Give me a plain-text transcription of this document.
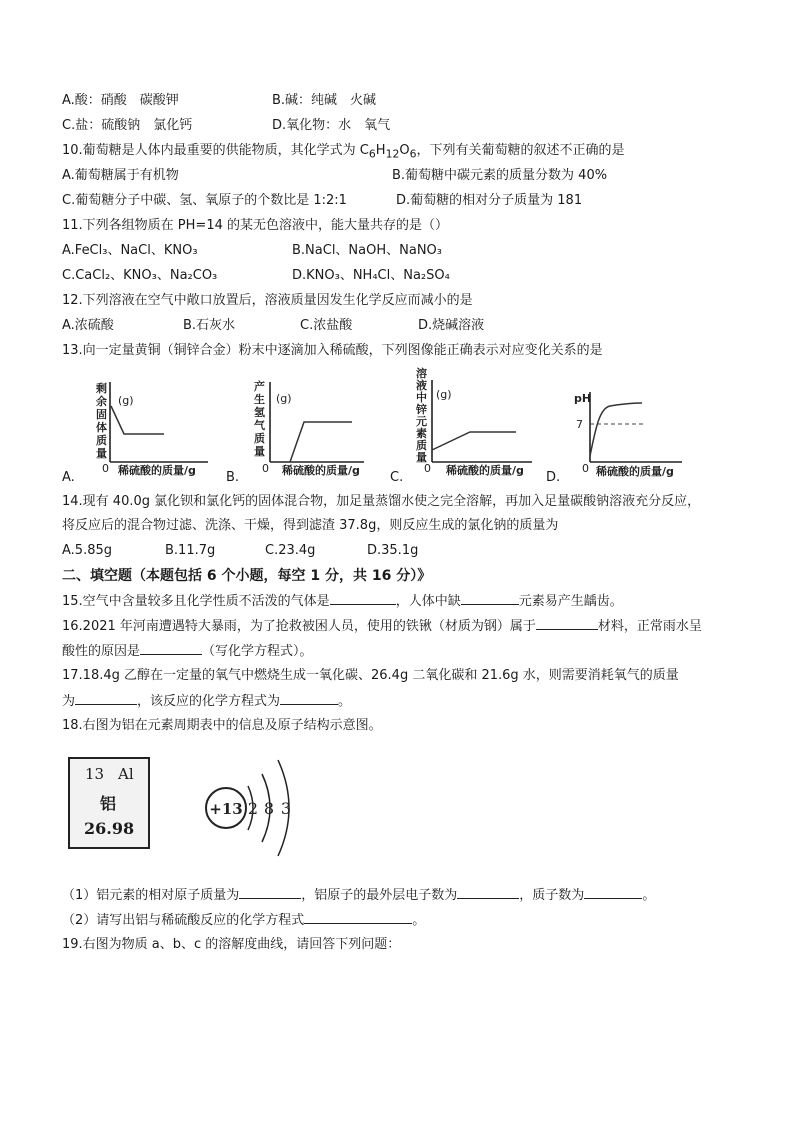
A.酸：硝酸　碳酸钾	B.碱：纯碱　火碱
C.盐：硫酸钠　氯化钙	D.氧化物：水　氧气
10.葡萄糖是人体内最重要的供能物质，其化学式为 $C_6H_{12}O_6$，下列有关葡萄糖的叙述不正确的是
A.葡萄糖属于有机物	B.葡萄糖中碳元素的质量分数为 40%
C.葡萄糖分子中碳、氢、氧原子的个数比是 1:2:1	D.葡萄糖的相对分子质量为 181
11.下列各组物质在 PH=14 的某无色溶液中，能大量共存的是（）
A.FeCl₃、NaCl、KNO₃	B.NaCl、NaOH、NaNO₃
C.CaCl₂、KNO₃、Na₂CO₃	D.KNO₃、NH₄Cl、Na₂SO₄
12.下列溶液在空气中敞口放置后，溶液质量因发生化学反应而减小的是
A.浓硫酸	B.石灰水	C.浓盐酸	D.烧碱溶液
13.向一定量黄铜（铜锌合金）粉末中逐滴加入稀硫酸，下列图像能正确表示对应变化关系的是
A.
剩
余
固
体
质
量
(g)
0 稀硫酸的质量/g B.
产
生
氢
气
质
量
(g)
0 稀硫酸的质量/g C.
溶
液
中
锌
元
素
质
量
(g)
0 稀硫酸的质量/g D.
pH
7
0 稀硫酸的质量/g
14.现有 40.0g 氯化钡和氯化钙的固体混合物，加足量蒸馏水使之完全溶解，再加入足量碳酸钠溶液充分反应，
将反应后的混合物过滤、洗涤、干燥，得到滤渣 37.8g，则反应生成的氯化钠的质量为
A.5.85g	B.11.7g	C.23.4g	D.35.1g
二、填空题（本题包括 6 个小题，每空 1 分，共 16 分）》
15.空气中含量较多且化学性质不活泼的气体是	，人体中缺	元素易产生龋齿。
16.2021 年河南遭遇特大暴雨，为了抢救被困人员，使用的铁锹（材质为钢）属于	材料，正常雨水呈
酸性的原因是	（写化学方程式）。
17.18.4g 乙醇在一定量的氧气中燃烧生成一氧化碳、26.4g 二氧化碳和 21.6g 水，则需要消耗氧气的质量
为	，该反应的化学方程式为	。
18.右图为铝在元素周期表中的信息及原子结构示意图。
13 Al
铝
26.98
+13 2 8 3
（1）铝元素的相对原子质量为	，铝原子的最外层电子数为	，质子数为	。
（2）请写出铝与稀硫酸反应的化学方程式	。
19.右图为物质 a、b、c 的溶解度曲线，请回答下列问题：
